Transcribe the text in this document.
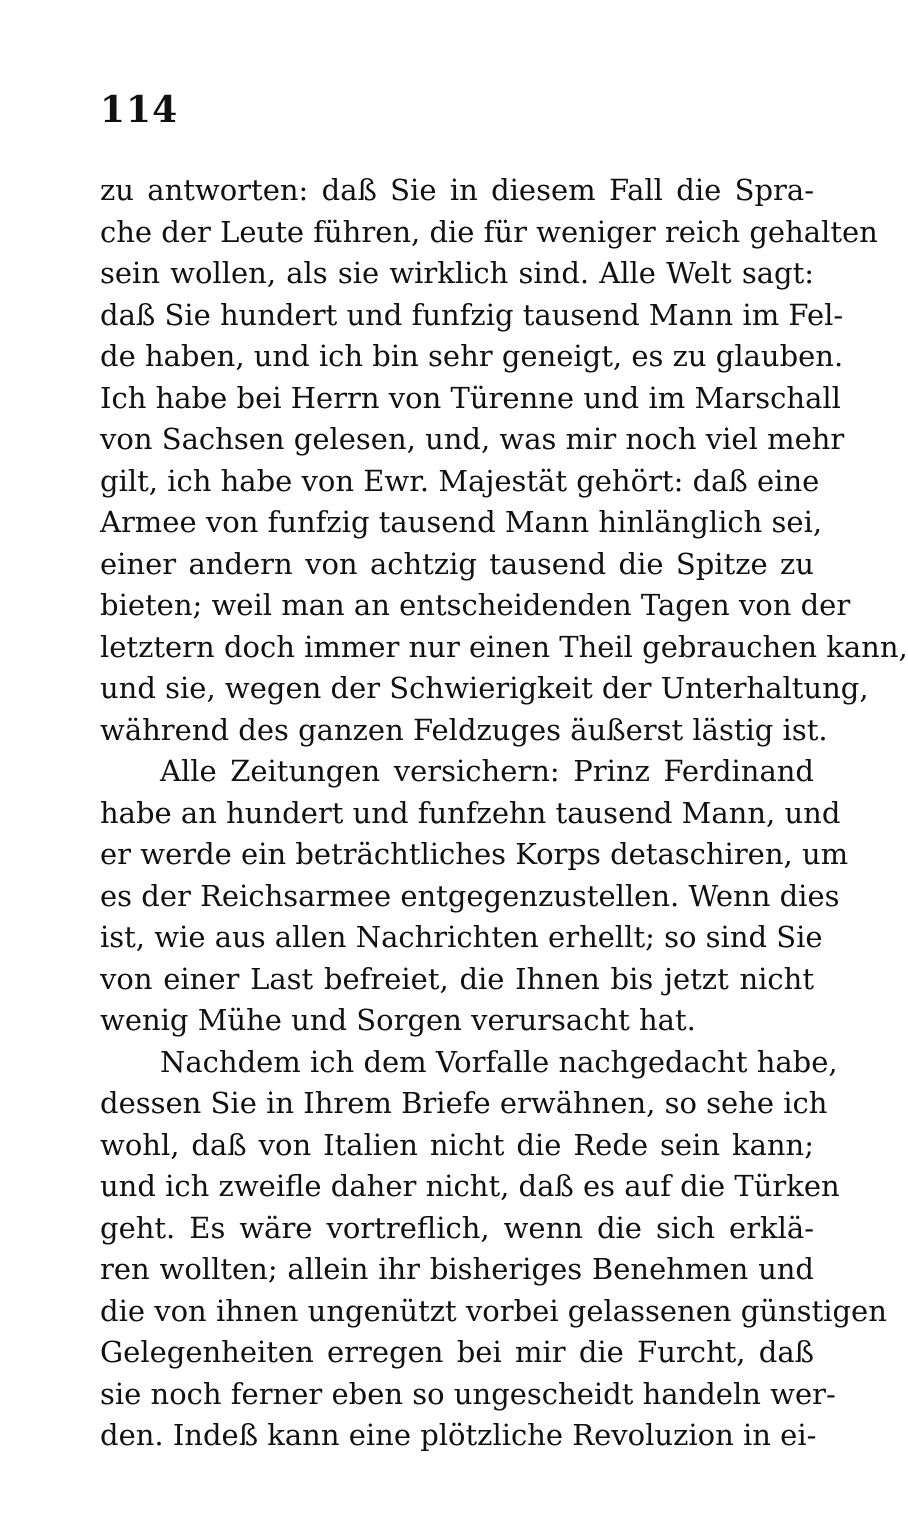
114
zu antworten: daß Sie in diesem Fall die Spra-
che der Leute führen, die für weniger reich gehalten
sein wollen, als sie wirklich sind. Alle Welt sagt:
daß Sie hundert und funfzig tausend Mann im Fel-
de haben, und ich bin sehr geneigt, es zu glauben.
Ich habe bei Herrn von Türenne und im Marschall
von Sachsen gelesen, und, was mir noch viel mehr
gilt, ich habe von Ewr. Majestät gehört: daß eine
Armee von funfzig tausend Mann hinlänglich sei,
einer andern von achtzig tausend die Spitze zu
bieten; weil man an entscheidenden Tagen von der
letztern doch immer nur einen Theil gebrauchen kann,
und sie, wegen der Schwierigkeit der Unterhaltung,
während des ganzen Feldzuges äußerst lästig ist.
Alle Zeitungen versichern: Prinz Ferdinand
habe an hundert und funfzehn tausend Mann, und
er werde ein beträchtliches Korps detaschiren, um
es der Reichsarmee entgegenzustellen. Wenn dies
ist, wie aus allen Nachrichten erhellt; so sind Sie
von einer Last befreiet, die Ihnen bis jetzt nicht
wenig Mühe und Sorgen verursacht hat.
Nachdem ich dem Vorfalle nachgedacht habe,
dessen Sie in Ihrem Briefe erwähnen, so sehe ich
wohl, daß von Italien nicht die Rede sein kann;
und ich zweifle daher nicht, daß es auf die Türken
geht. Es wäre vortreflich, wenn die sich erklä-
ren wollten; allein ihr bisheriges Benehmen und
die von ihnen ungenützt vorbei gelassenen günstigen
Gelegenheiten erregen bei mir die Furcht, daß
sie noch ferner eben so ungescheidt handeln wer-
den. Indeß kann eine plötzliche Revoluzion in ei-
